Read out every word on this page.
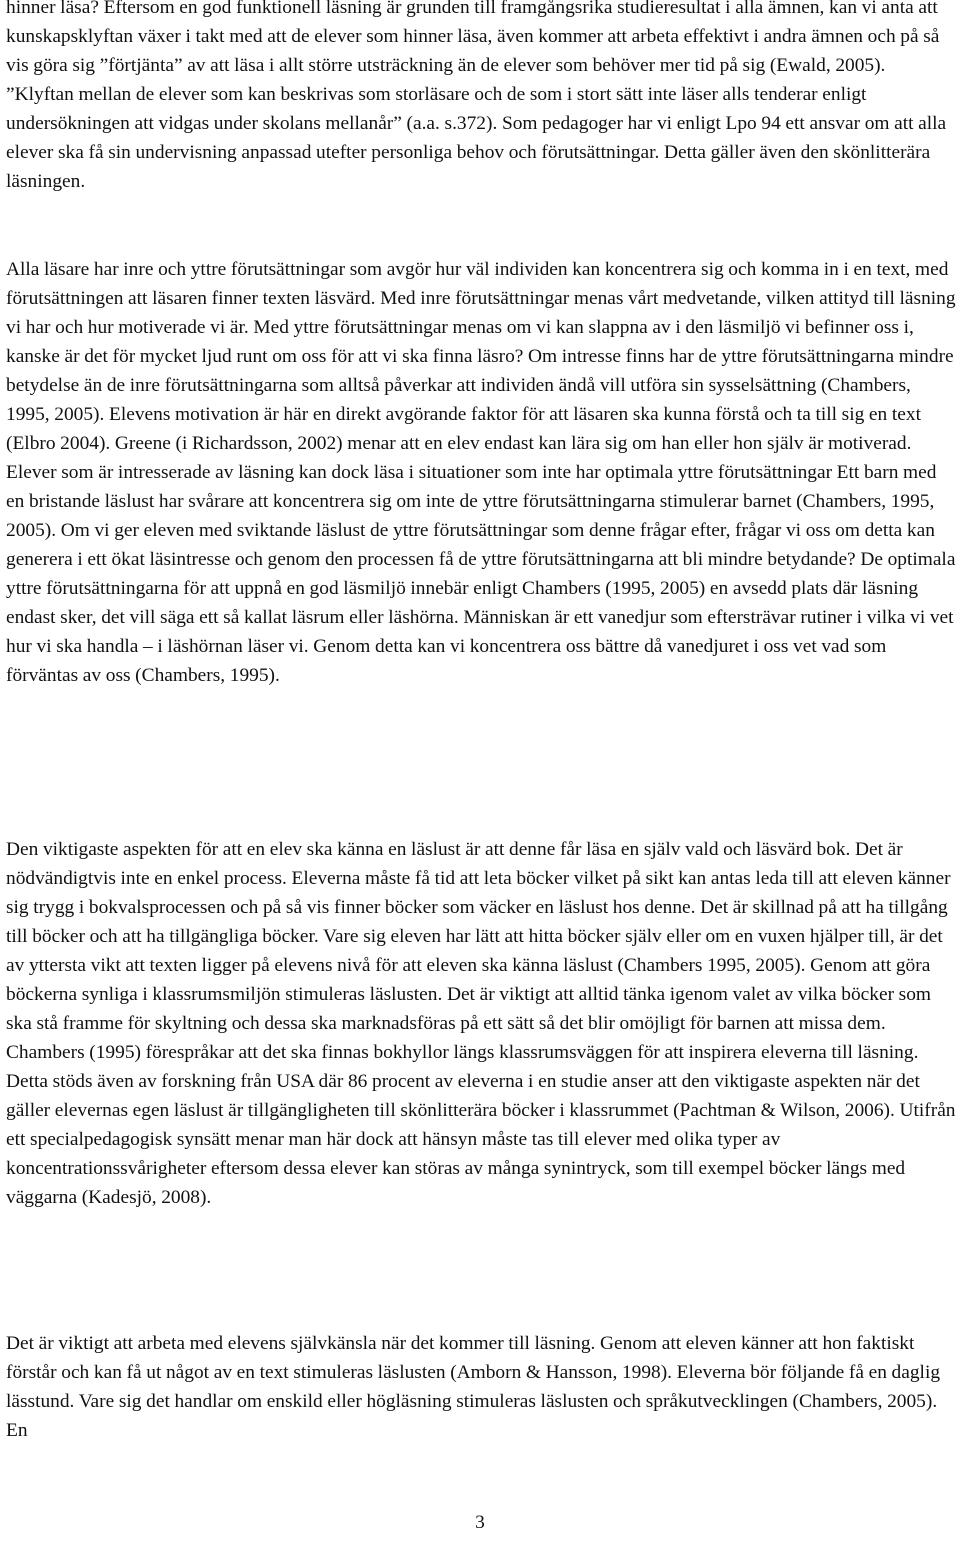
hinner läsa? Eftersom en god funktionell läsning är grunden till framgångsrika studieresultat i alla ämnen, kan vi anta att kunskapsklyftan växer i takt med att de elever som hinner läsa, även kommer att arbeta effektivt i andra ämnen och på så vis göra sig ”förtjänta” av att läsa i allt större utsträckning än de elever som behöver mer tid på sig (Ewald, 2005). ”Klyftan mellan de elever som kan beskrivas som storläsare och de som i stort sätt inte läser alls tenderar enligt undersökningen att vidgas under skolans mellanår” (a.a. s.372). Som pedagoger har vi enligt Lpo 94 ett ansvar om att alla elever ska få sin undervisning anpassad utefter personliga behov och förutsättningar. Detta gäller även den skönlitterära läsningen.

Alla läsare har inre och yttre förutsättningar som avgör hur väl individen kan koncentrera sig och komma in i en text, med förutsättningen att läsaren finner texten läsvärd. Med inre förutsättningar menas vårt medvetande, vilken attityd till läsning vi har och hur motiverade vi är. Med yttre förutsättningar menas om vi kan slappna av i den läsmiljö vi befinner oss i, kanske är det för mycket ljud runt om oss för att vi ska finna läsro? Om intresse finns har de yttre förutsättningarna mindre betydelse än de inre förutsättningarna som alltså påverkar att individen ändå vill utföra sin sysselsättning (Chambers, 1995, 2005). Elevens motivation är här en direkt avgörande faktor för att läsaren ska kunna förstå och ta till sig en text (Elbro 2004). Greene (i Richardsson, 2002) menar att en elev endast kan lära sig om han eller hon själv är motiverad. Elever som är intresserade av läsning kan dock läsa i situationer som inte har optimala yttre förutsättningar Ett barn med en bristande läslust har svårare att koncentrera sig om inte de yttre förutsättningarna stimulerar barnet (Chambers, 1995, 2005). Om vi ger eleven med sviktande läslust de yttre förutsättningar som denne frågar efter, frågar vi oss om detta kan generera i ett ökat läsintresse och genom den processen få de yttre förutsättningarna att bli mindre betydande? De optimala yttre förutsättningarna för att uppnå en god läsmiljö innebär enligt Chambers (1995, 2005) en avsedd plats där läsning endast sker, det vill säga ett så kallat läsrum eller läshörna. Människan är ett vanedjur som eftersträvar rutiner i vilka vi vet hur vi ska handla – i läshörnan läser vi. Genom detta kan vi koncentrera oss bättre då vanedjuret i oss vet vad som förväntas av oss (Chambers, 1995).

Den viktigaste aspekten för att en elev ska känna en läslust är att denne får läsa en själv vald och läsvärd bok. Det är nödvändigtvis inte en enkel process. Eleverna måste få tid att leta böcker vilket på sikt kan antas leda till att eleven känner sig trygg i bokvalsprocessen och på så vis finner böcker som väcker en läslust hos denne. Det är skillnad på att ha tillgång till böcker och att ha tillgängliga böcker. Vare sig eleven har lätt att hitta böcker själv eller om en vuxen hjälper till, är det av yttersta vikt att texten ligger på elevens nivå för att eleven ska känna läslust (Chambers 1995, 2005). Genom att göra böckerna synliga i klassrumsmiljön stimuleras läslusten. Det är viktigt att alltid tänka igenom valet av vilka böcker som ska stå framme för skyltning och dessa ska marknadsföras på ett sätt så det blir omöjligt för barnen att missa dem. Chambers (1995) förespråkar att det ska finnas bokhyllor längs klassrumsväggen för att inspirera eleverna till läsning. Detta stöds även av forskning från USA där 86 procent av eleverna i en studie anser att den viktigaste aspekten när det gäller elevernas egen läslust är tillgängligheten till skönlitterära böcker i klassrummet (Pachtman & Wilson, 2006). Utifrån ett specialpedagogisk synsätt menar man här dock att hänsyn måste tas till elever med olika typer av koncentrationssvårigheter eftersom dessa elever kan störas av många synintryck, som till exempel böcker längs med väggarna (Kadesjö, 2008).

Det är viktigt att arbeta med elevens självkänsla när det kommer till läsning. Genom att eleven känner att hon faktiskt förstår och kan få ut något av en text stimuleras läslusten (Amborn & Hansson, 1998). Eleverna bör följande få en daglig lässtund. Vare sig det handlar om enskild eller högläsning stimuleras läslusten och språkutvecklingen (Chambers, 2005). En

3
